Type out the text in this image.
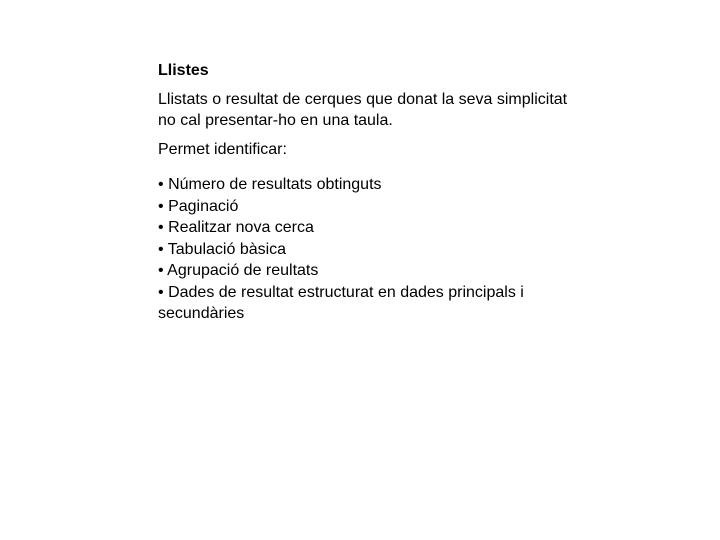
Llistes
Llistats o resultat de cerques que donat la seva simplicitat no cal presentar-ho en una taula.
Permet identificar:
• Número de resultats obtinguts
• Paginació
• Realitzar nova cerca
• Tabulació bàsica
• Agrupació de reultats
• Dades de resultat estructurat en dades principals i secundàries
